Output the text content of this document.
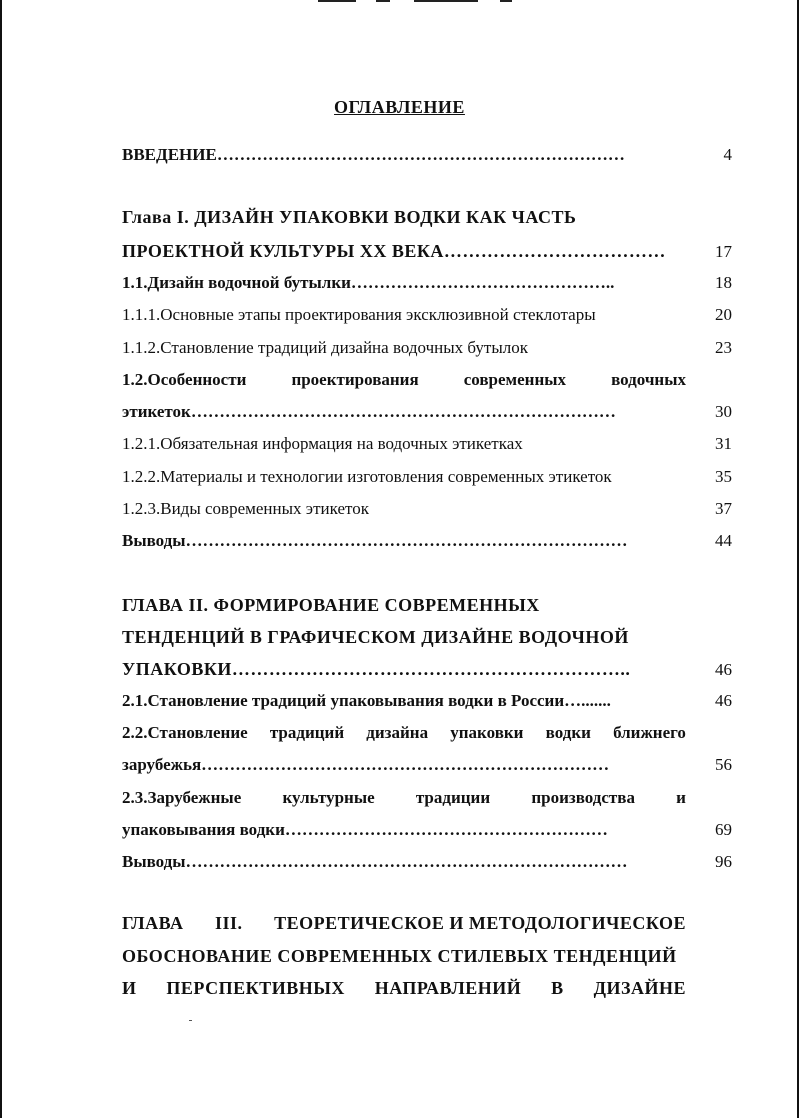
ОГЛАВЛЕНИЕ
ВВЕДЕНИЕ………………………………………………………………	4
Глава I. ДИЗАЙН УПАКОВКИ ВОДКИ КАК ЧАСТЬ
ПРОЕКТНОЙ КУЛЬТУРЫ XX ВЕКА………………………………	17
1.1.Дизайн водочной бутылки………………………………………..	18
1.1.1.Основные этапы проектирования эксклюзивной стеклотары	20
1.1.2.Становление традиций дизайна водочных бутылок	23
1.2.Особенности	проектирования	современных	водочных
этикеток…………………………………………………………………	30
1.2.1.Обязательная информация на водочных этикетках	31
1.2.2.Материалы и технологии изготовления современных этикеток	35
1.2.3.Виды современных этикеток	37
Выводы……………………………………………………………………	44
ГЛАВА II. ФОРМИРОВАНИЕ СОВРЕМЕННЫХ
ТЕНДЕНЦИЙ В ГРАФИЧЕСКОМ ДИЗАЙНЕ ВОДОЧНОЙ
УПАКОВКИ………………………………………………………..	46
2.1.Становление традиций упаковывания водки в России….......	46
2.2.Становление традиций дизайна упаковки водки ближнего
зарубежья………………………………………………………………	56
2.3.Зарубежные культурные традиции производства и
упаковывания водки…………………………………………………	69
Выводы……………………………………………………………………	96
ГЛАВА III. ТЕОРЕТИЧЕСКОЕ И МЕТОДОЛОГИЧЕСКОЕ
ОБОСНОВАНИЕ СОВРЕМЕННЫХ СТИЛЕВЫХ ТЕНДЕНЦИЙ
И ПЕРСПЕКТИВНЫХ НАПРАВЛЕНИЙ В ДИЗАЙНЕ
